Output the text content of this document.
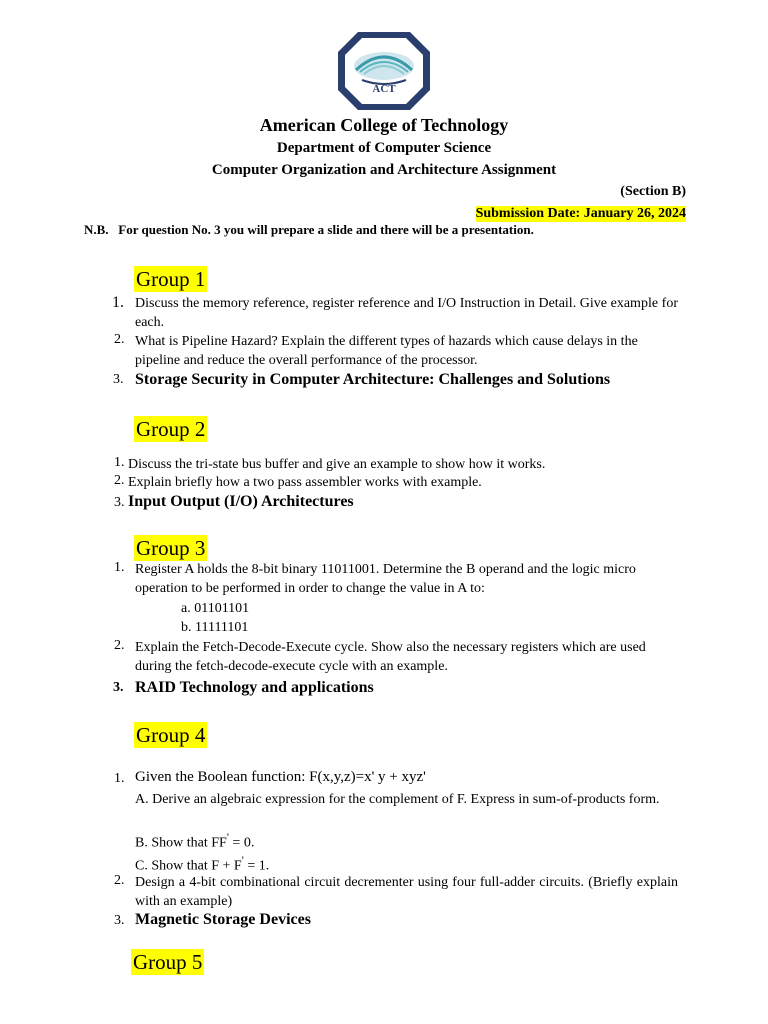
ACT
American College of Technology
Department of Computer Science
Computer Organization and Architecture Assignment
(Section B)
Submission Date: January 26, 2024
N.B.   For question No. 3 you will prepare a slide and there will be a presentation.
Group 1
1. Discuss the memory reference, register reference and I/O Instruction in Detail. Give example for each.
2. What is Pipeline Hazard? Explain the different types of hazards which cause delays in the pipeline and reduce the overall performance of the processor.
3. Storage Security in Computer Architecture: Challenges and Solutions
Group 2
1. Discuss the tri-state bus buffer and give an example to show how it works.
2. Explain briefly how a two pass assembler works with example.
3. Input Output (I/O) Architectures
Group 3
1. Register A holds the 8-bit binary 11011001. Determine the B operand and the logic micro operation to be performed in order to change the value in A to:
a. 01101101
b. 11111101
2. Explain the Fetch-Decode-Execute cycle. Show also the necessary registers which are used during the fetch-decode-execute cycle with an example.
3. RAID Technology and applications
Group 4
1. Given the Boolean function: F(x,y,z)=x' y + xyz'
A. Derive an algebraic expression for the complement of F. Express in sum-of-products form.
B. Show that FF' = 0.
C. Show that F + F' = 1.
2. Design a 4-bit combinational circuit decrementer using four full-adder circuits. (Briefly explain with an example)
3. Magnetic Storage Devices
Group 5
